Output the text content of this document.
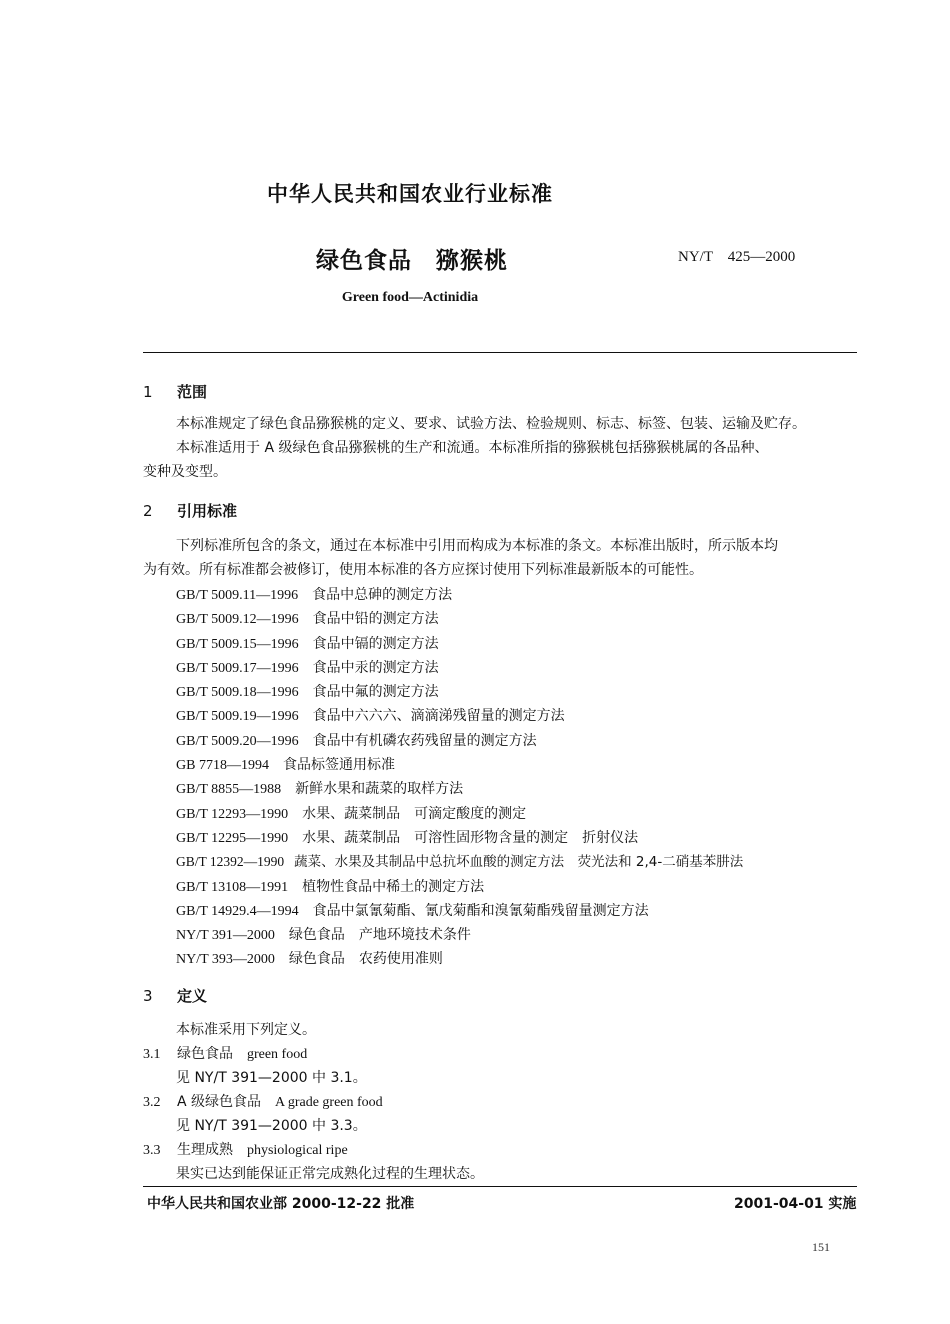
中华人民共和国农业行业标准
绿色食品　猕猴桃	NY/T　425—2000
Green food—Actinidia
1 范围
本标准规定了绿色食品猕猴桃的定义、要求、试验方法、检验规则、标志、标签、包装、运输及贮存。
本标准适用于 A 级绿色食品猕猴桃的生产和流通。本标准所指的猕猴桃包括猕猴桃属的各品种、
变种及变型。
2 引用标准
下列标准所包含的条文，通过在本标准中引用而构成为本标准的条文。本标准出版时，所示版本均
为有效。所有标准都会被修订，使用本标准的各方应探讨使用下列标准最新版本的可能性。
GB/T 5009.11—1996 食品中总砷的测定方法
GB/T 5009.12—1996 食品中铅的测定方法
GB/T 5009.15—1996 食品中镉的测定方法
GB/T 5009.17—1996 食品中汞的测定方法
GB/T 5009.18—1996 食品中氟的测定方法
GB/T 5009.19—1996 食品中六六六、滴滴涕残留量的测定方法
GB/T 5009.20—1996 食品中有机磷农药残留量的测定方法
GB 7718—1994 食品标签通用标准
GB/T 8855—1988 新鲜水果和蔬菜的取样方法
GB/T 12293—1990 水果、蔬菜制品　可滴定酸度的测定
GB/T 12295—1990 水果、蔬菜制品　可溶性固形物含量的测定　折射仪法
GB/T 12392—1990 蔬菜、水果及其制品中总抗坏血酸的测定方法　荧光法和 2,4-二硝基苯肼法
GB/T 13108—1991 植物性食品中稀土的测定方法
GB/T 14929.4—1994 食品中氯氰菊酯、氰戊菊酯和溴氰菊酯残留量测定方法
NY/T 391—2000 绿色食品　产地环境技术条件
NY/T 393—2000 绿色食品　农药使用准则
3 定义
本标准采用下列定义。
3.1 绿色食品 green food
见 NY/T 391—2000 中 3.1。
3.2 A 级绿色食品 A grade green food
见 NY/T 391—2000 中 3.3。
3.3 生理成熟 physiological ripe
果实已达到能保证正常完成熟化过程的生理状态。
中华人民共和国农业部 2000-12-22 批准	2001-04-01 实施
151
